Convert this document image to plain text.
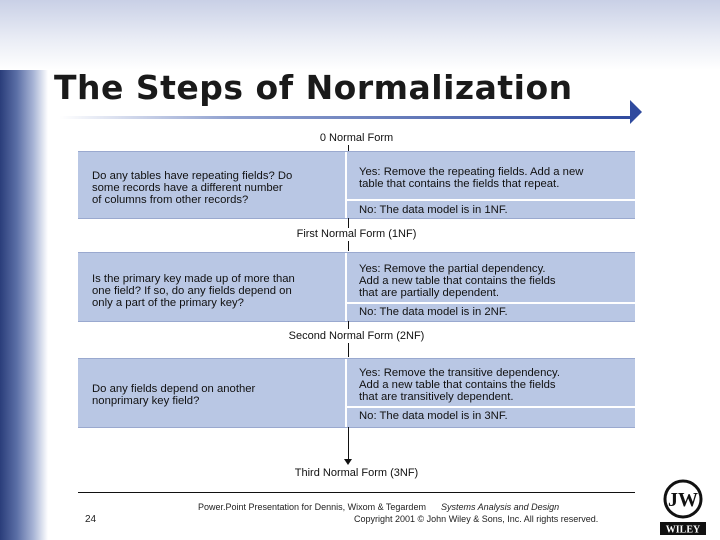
The Steps of Normalization
0 Normal Form
Do any tables have repeating fields? Do
some records have a different number
of columns from other records?
Yes: Remove the repeating fields. Add a new
table that contains the fields that repeat.
No: The data model is in 1NF.
First Normal Form (1NF)
Is the primary key made up of more than
one field? If so, do any fields depend on
only a part of the primary key?
Yes: Remove the partial dependency.
Add a new table that contains the fields
that are partially dependent.
No: The data model is in 2NF.
Second Normal Form (2NF)
Do any fields depend on another
nonprimary key field?
Yes: Remove the transitive dependency.
Add a new table that contains the fields
that are transitively dependent.
No: The data model is in 3NF.
Third Normal Form (3NF)
24
Power.Point Presentation for Dennis, Wixom & Tegardem Systems Analysis and Design
Copyright 2001 © John Wiley & Sons, Inc. All rights reserved.
JW
WILEY
